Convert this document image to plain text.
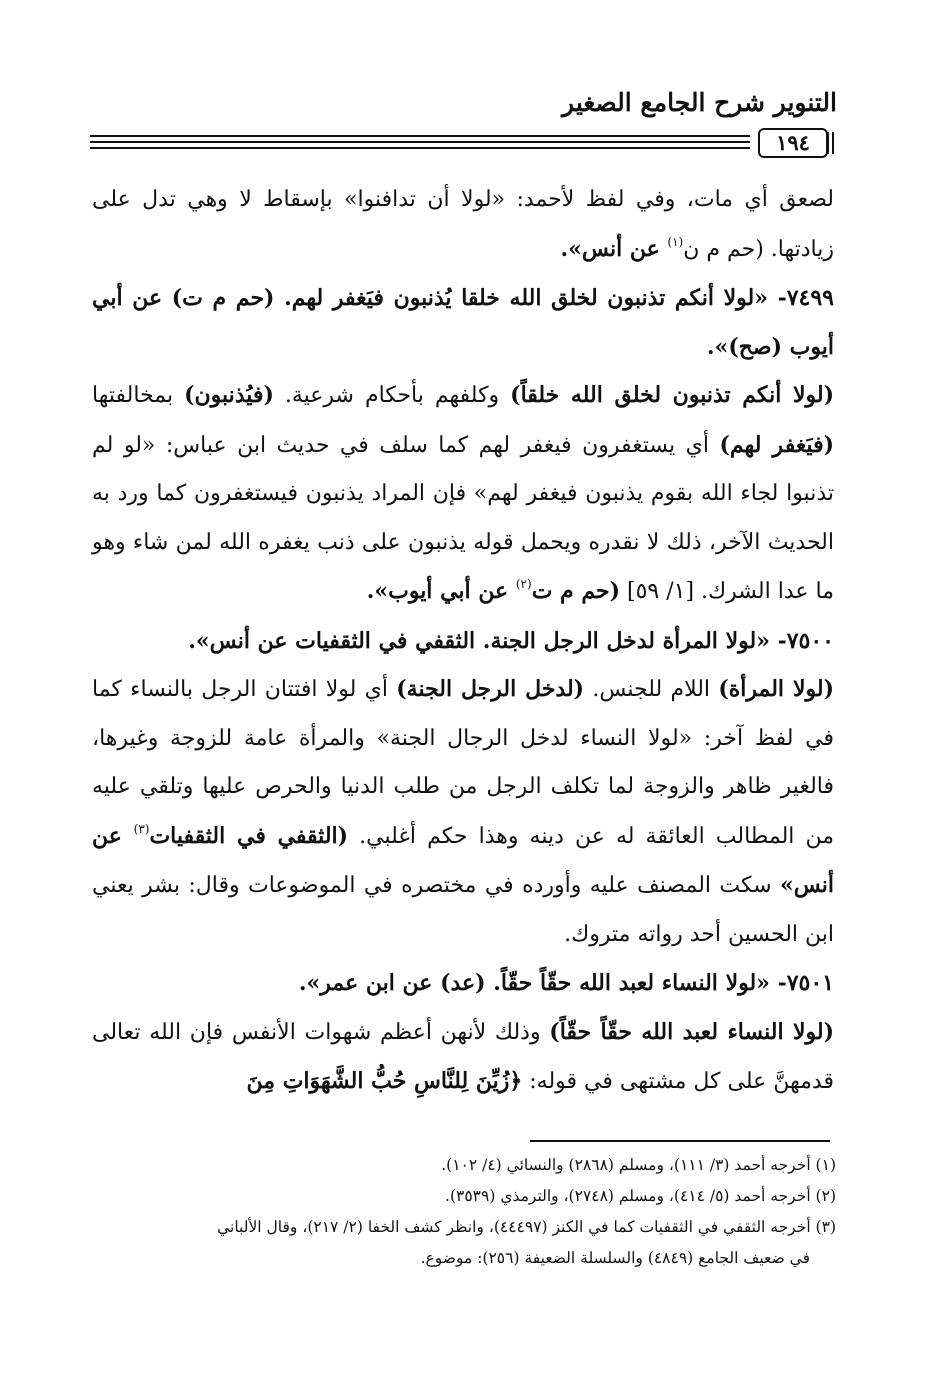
التنوير شرح الجامع الصغير
١٩٤

لصعق أي مات، وفي لفظ لأحمد: «لولا أن تدافنوا» بإسقاط لا وهي تدل على زيادتها. (حم م ن$^{(١)}$ عن أنس».

٧٤٩٩- «لولا أنكم تذنبون لخلق الله خلقا يُذنبون فيَغفر لهم. (حم م ت) عن أبي أيوب (صح)».

(لولا أنكم تذنبون لخلق الله خلقاً) وكلفهم بأحكام شرعية. (فيُذنبون) بمخالفتها (فيَغفر لهم) أي يستغفرون فيغفر لهم كما سلف في حديث ابن عباس: «لو لم تذنبوا لجاء الله بقوم يذنبون فيغفر لهم» فإن المراد يذنبون فيستغفرون كما ورد به الحديث الآخر، ذلك لا نقدره ويحمل قوله يذنبون على ذنب يغفره الله لمن شاء وهو ما عدا الشرك. [١/ ٥٩] (حم م ت$^{(٢)}$ عن أبي أيوب».

٧٥٠٠- «لولا المرأة لدخل الرجل الجنة. الثقفي في الثقفيات عن أنس».

(لولا المرأة) اللام للجنس. (لدخل الرجل الجنة) أي لولا افتتان الرجل بالنساء كما في لفظ آخر: «لولا النساء لدخل الرجال الجنة» والمرأة عامة للزوجة وغيرها، فالغير ظاهر والزوجة لما تكلف الرجل من طلب الدنيا والحرص عليها وتلقي عليه من المطالب العائقة له عن دينه وهذا حكم أغلبي. (الثقفي في الثقفيات$^{(٣)}$ عن أنس» سكت المصنف عليه وأورده في مختصره في الموضوعات وقال: بشر يعني ابن الحسين أحد رواته متروك.

٧٥٠١- «لولا النساء لعبد الله حقّاً حقّاً. (عد) عن ابن عمر».

(لولا النساء لعبد الله حقّاً حقّاً) وذلك لأنهن أعظم شهوات الأنفس فإن الله تعالى قدمهنَّ على كل مشتهى في قوله: ﴿زُيِّنَ لِلنَّاسِ حُبُّ الشَّهَوَاتِ مِنَ

(١) أخرجه أحمد (٣/ ١١١)، ومسلم (٢٨٦٨) والنسائي (٤/ ١٠٢).

(٢) أخرجه أحمد (٥/ ٤١٤)، ومسلم (٢٧٤٨)، والترمذي (٣٥٣٩).

(٣) أخرجه الثقفي في الثقفيات كما في الكنز (٤٤٤٩٧)، وانظر كشف الخفا (٢/ ٢١٧)، وقال الألباني

في ضعيف الجامع (٤٨٤٩) والسلسلة الضعيفة (٢٥٦): موضوع.
